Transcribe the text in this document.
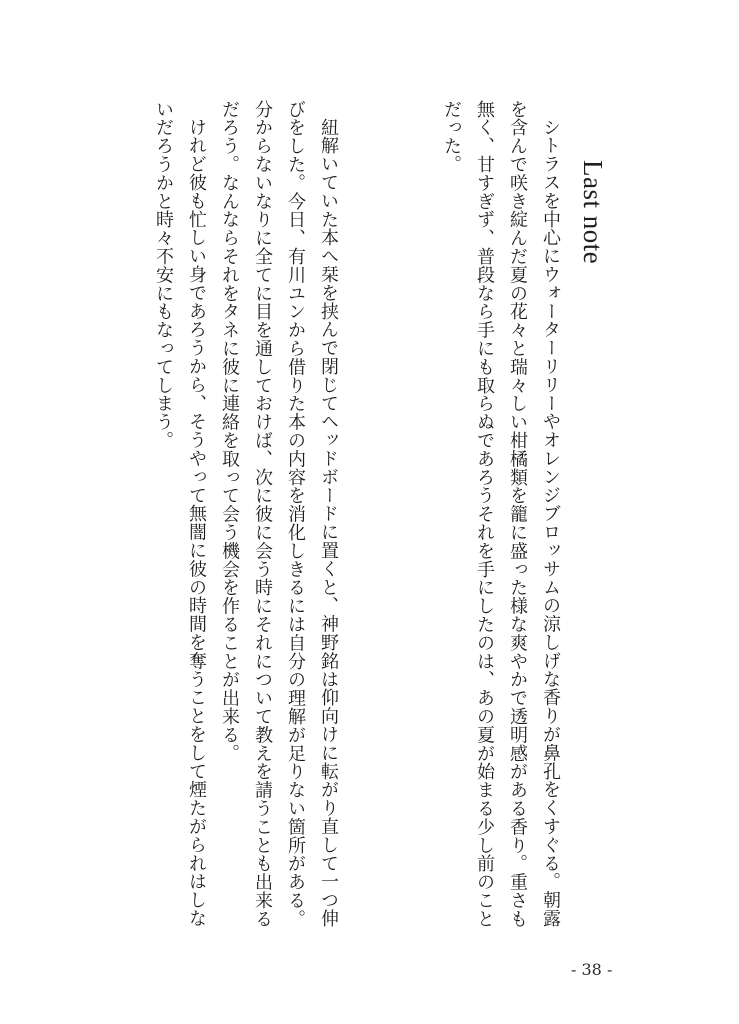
Last note

シトラスを中心にウォーターリリーやオレンジブロッサムの涼しげな香りが鼻孔をくすぐる。朝露を含んで咲き綻んだ夏の花々と瑞々しい柑橘類を籠に盛った様な爽やかで透明感がある香り。重さも無く、甘すぎず、普段なら手にも取らぬであろうそれを手にしたのは、あの夏が始まる少し前のことだった。

紐解いていた本へ栞を挟んで閉じてヘッドボードに置くと、神野銘は仰向けに転がり直して一つ伸びをした。今日、有川ユンから借りた本の内容を消化しきるには自分の理解が足りない箇所がある。分からないなりに全てに目を通しておけば、次に彼に会う時にそれについて教えを請うことも出来るだろう。なんならそれをタネに彼に連絡を取って会う機会を作ることが出来る。

けれど彼も忙しい身であろうから、そうやって無闇に彼の時間を奪うことをして煙たがられはしないだろうかと時々不安にもなってしまう。

- 38 -
